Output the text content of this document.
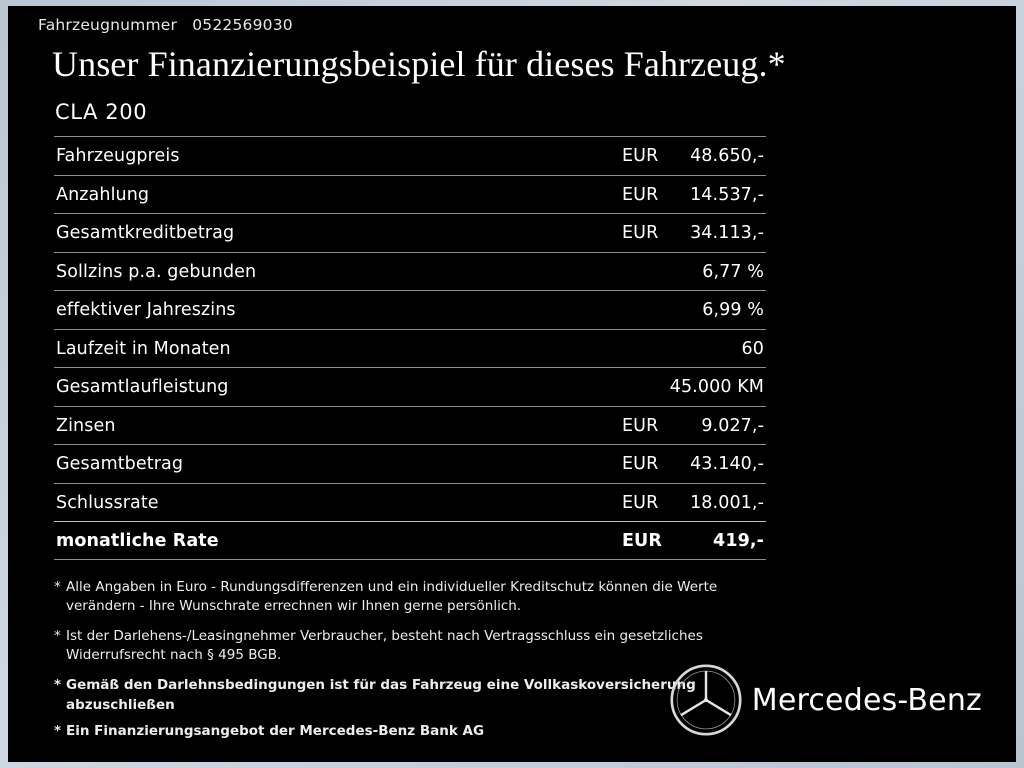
Fahrzeugnummer 0522569030
Unser Finanzierungsbeispiel für dieses Fahrzeug.*
CLA 200
Fahrzeugpreis	EUR 48.650,-
Anzahlung	EUR 14.537,-
Gesamtkreditbetrag	EUR 34.113,-
Sollzins p.a. gebunden	6,77 %
effektiver Jahreszins	6,99 %
Laufzeit in Monaten	60
Gesamtlaufleistung	45.000 KM
Zinsen	EUR 9.027,-
Gesamtbetrag	EUR 43.140,-
Schlussrate	EUR 18.001,-
monatliche Rate	EUR	419,-
* Alle Angaben in Euro - Rundungsdifferenzen und ein individueller Kreditschutz können die Werte verändern - Ihre Wunschrate errechnen wir Ihnen gerne persönlich.
* Ist der Darlehens-/Leasingnehmer Verbraucher, besteht nach Vertragsschluss ein gesetzliches Widerrufsrecht nach § 495 BGB.
* Gemäß den Darlehnsbedingungen ist für das Fahrzeug eine Vollkaskoversicherung abzuschließen
* Ein Finanzierungsangebot der Mercedes-Benz Bank AG
Mercedes-Benz
